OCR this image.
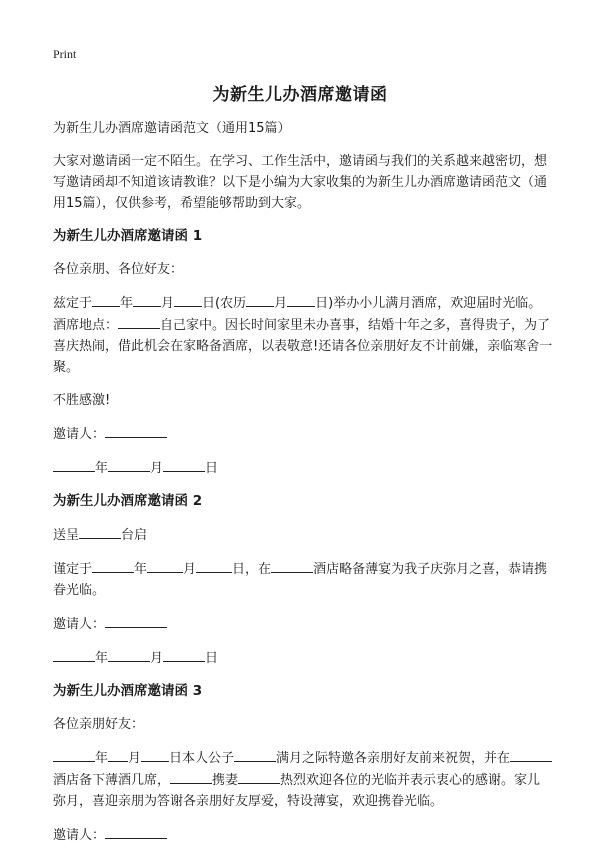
Print
为新生儿办酒席邀请函

为新生儿办酒席邀请函范文（通用15篇）

大家对邀请函一定不陌生。在学习、工作生活中，邀请函与我们的关系越来越密切，想写邀请函却不知道该请教谁？以下是小编为大家收集的为新生儿办酒席邀请函范文（通用15篇），仅供参考，希望能够帮助到大家。

为新生儿办酒席邀请函 1

各位亲朋、各位好友：

兹定于 年 月 日(农历 月 日)举办小儿满月酒席，欢迎届时光临。酒席地点：	自己家中。因长时间家里未办喜事，结婚十年之多，喜得贵子，为了喜庆热闹，借此机会在家略备酒席，以表敬意!还请各位亲朋好友不计前嫌，亲临寒舍一聚。

不胜感激!

邀请人：

年	月	日

为新生儿办酒席邀请函 2

送呈	台启

谨定于	年	月	日，在	酒店略备薄宴为我子庆弥月之喜，恭请携眷光临。

邀请人：

年	月	日

为新生儿办酒席邀请函 3

各位亲朋好友：

年 月 日本人公子	满月之际特邀各亲朋好友前来祝贺，并在酒店备下薄酒几席，	携妻	热烈欢迎各位的光临并表示衷心的感谢。家儿弥月，喜迎亲朋为答谢各亲朋好友厚爱，特设薄宴，欢迎携眷光临。

邀请人：
